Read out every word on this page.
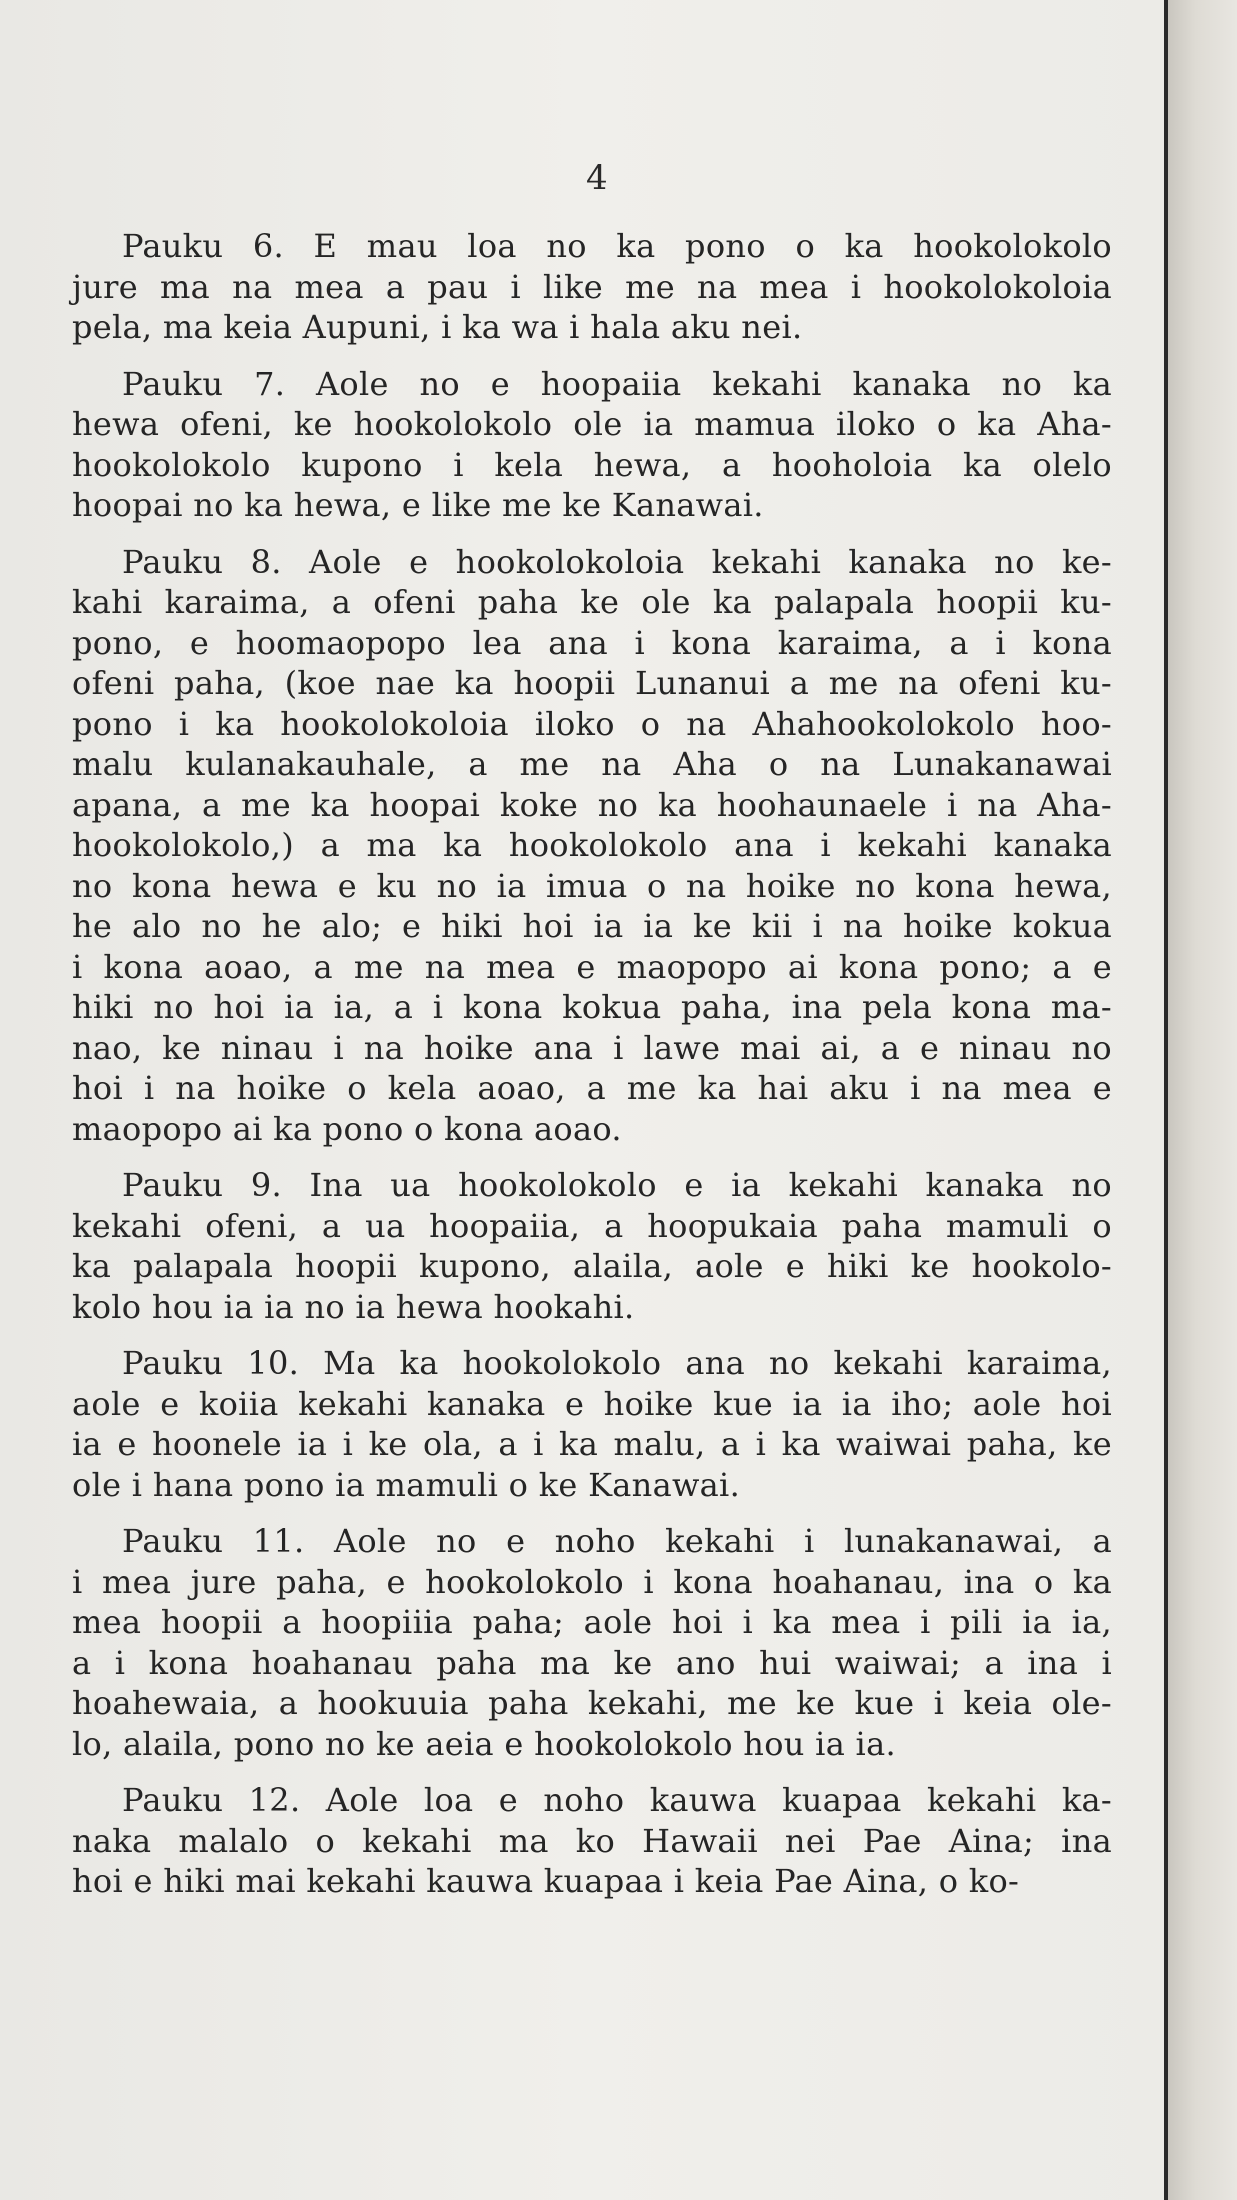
4
Pauku 6. E mau loa no ka pono o ka hookolokolo
jure ma na mea a pau i like me na mea i hookolokoloia
pela, ma keia Aupuni, i ka wa i hala aku nei.
Pauku 7. Aole no e hoopaiia kekahi kanaka no ka
hewa ofeni, ke hookolokolo ole ia mamua iloko o ka Aha-
hookolokolo kupono i kela hewa, a hooholoia ka olelo
hoopai no ka hewa, e like me ke Kanawai.
Pauku 8. Aole e hookolokoloia kekahi kanaka no ke-
kahi karaima, a ofeni paha ke ole ka palapala hoopii ku-
pono, e hoomaopopo lea ana i kona karaima, a i kona
ofeni paha, (koe nae ka hoopii Lunanui a me na ofeni ku-
pono i ka hookolokoloia iloko o na Ahahookolokolo hoo-
malu kulanakauhale, a me na Aha o na Lunakanawai
apana, a me ka hoopai koke no ka hoohaunaele i na Aha-
hookolokolo,) a ma ka hookolokolo ana i kekahi kanaka
no kona hewa e ku no ia imua o na hoike no kona hewa,
he alo no he alo; e hiki hoi ia ia ke kii i na hoike kokua
i kona aoao, a me na mea e maopopo ai kona pono; a e
hiki no hoi ia ia, a i kona kokua paha, ina pela kona ma-
nao, ke ninau i na hoike ana i lawe mai ai, a e ninau no
hoi i na hoike o kela aoao, a me ka hai aku i na mea e
maopopo ai ka pono o kona aoao.
Pauku 9. Ina ua hookolokolo e ia kekahi kanaka no
kekahi ofeni, a ua hoopaiia, a hoopukaia paha mamuli o
ka palapala hoopii kupono, alaila, aole e hiki ke hookolo-
kolo hou ia ia no ia hewa hookahi.
Pauku 10. Ma ka hookolokolo ana no kekahi karaima,
aole e koiia kekahi kanaka e hoike kue ia ia iho; aole hoi
ia e hoonele ia i ke ola, a i ka malu, a i ka waiwai paha, ke
ole i hana pono ia mamuli o ke Kanawai.
Pauku 11. Aole no e noho kekahi i lunakanawai, a
i mea jure paha, e hookolokolo i kona hoahanau, ina o ka
mea hoopii a hoopiiia paha; aole hoi i ka mea i pili ia ia,
a i kona hoahanau paha ma ke ano hui waiwai; a ina i
hoahewaia, a hookuuia paha kekahi, me ke kue i keia ole-
lo, alaila, pono no ke aeia e hookolokolo hou ia ia.
Pauku 12. Aole loa e noho kauwa kuapaa kekahi ka-
naka malalo o kekahi ma ko Hawaii nei Pae Aina; ina
hoi e hiki mai kekahi kauwa kuapaa i keia Pae Aina, o ko-
